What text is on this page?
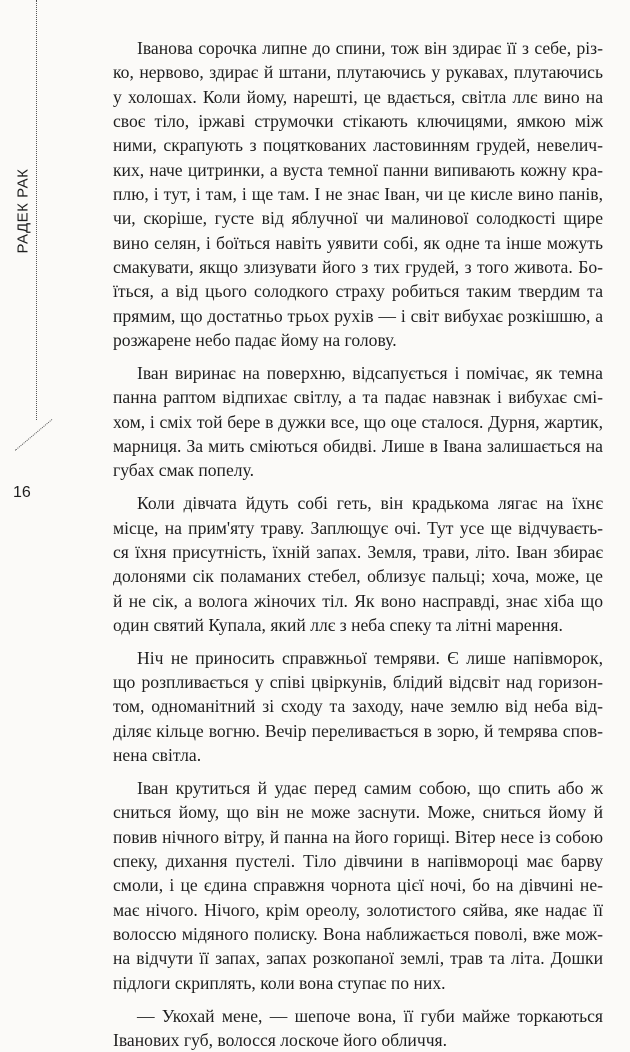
РАДЕК РАК
16

Іванова сорочка липне до спини, тож він здирає її з себе, різ-
ко, нервово, здирає й штани, плутаючись у рукавах, плутаючись
у холошах. Коли йому, нарешті, це вдається, світла ллє вино на
своє тіло, іржаві струмочки стікають ключицями, ямкою між
ними, скрапують з поцяткованих ластовинням грудей, невелич-
ких, наче цитринки, а вуста темної панни випивають кожну кра-
плю, і тут, і там, і ще там. І не знає Іван, чи це кисле вино панів,
чи, скоріше, густе від яблучної чи малинової солодкості щире
вино селян, і боїться навіть уявити собі, як одне та інше можуть
смакувати, якщо злизувати його з тих грудей, з того живота. Бо-
їться, а від цього солодкого страху робиться таким твердим та
прямим, що достатньо трьох рухів — і світ вибухає розкішшю, а
розжарене небо падає йому на голову.

Іван виринає на поверхню, відсапується і помічає, як темна
панна раптом відпихає світлу, а та падає навзнак і вибухає смі-
хом, і сміх той бере в дужки все, що оце сталося. Дурня, жартик,
марниця. За мить сміються обидві. Лише в Івана залишається на
губах смак попелу.

Коли дівчата йдуть собі геть, він крадькома лягає на їхнє
місце, на прим'яту траву. Заплющує очі. Тут усе ще відчуваєть-
ся їхня присутність, їхній запах. Земля, трави, літо. Іван збирає
долонями сік поламаних стебел, облизує пальці; хоча, може, це
й не сік, а волога жіночих тіл. Як воно насправді, знає хіба що
один святий Купала, який ллє з неба спеку та літні марення.

Ніч не приносить справжньої темряви. Є лише напівморок,
що розпливається у співі цвіркунів, блідий відсвіт над горизон-
том, одноманітний зі сходу та заходу, наче землю від неба від-
діляє кільце вогню. Вечір переливається в зорю, й темрява спов-
нена світла.

Іван крутиться й удає перед самим собою, що спить або ж
сниться йому, що він не може заснути. Може, сниться йому й
повив нічного вітру, й панна на його горищі. Вітер несе із собою
спеку, дихання пустелі. Тіло дівчини в напівмороці має барву
смоли, і це єдина справжня чорнота цієї ночі, бо на дівчині не-
має нічого. Нічого, крім ореолу, золотистого сяйва, яке надає її
волоссю мідяного полиску. Вона наближається поволі, вже мож-
на відчути її запах, запах розкопаної землі, трав та літа. Дошки
підлоги скриплять, коли вона ступає по них.

— Укохай мене, — шепоче вона, її губи майже торкаються
Іванових губ, волосся лоскоче його обличчя.
